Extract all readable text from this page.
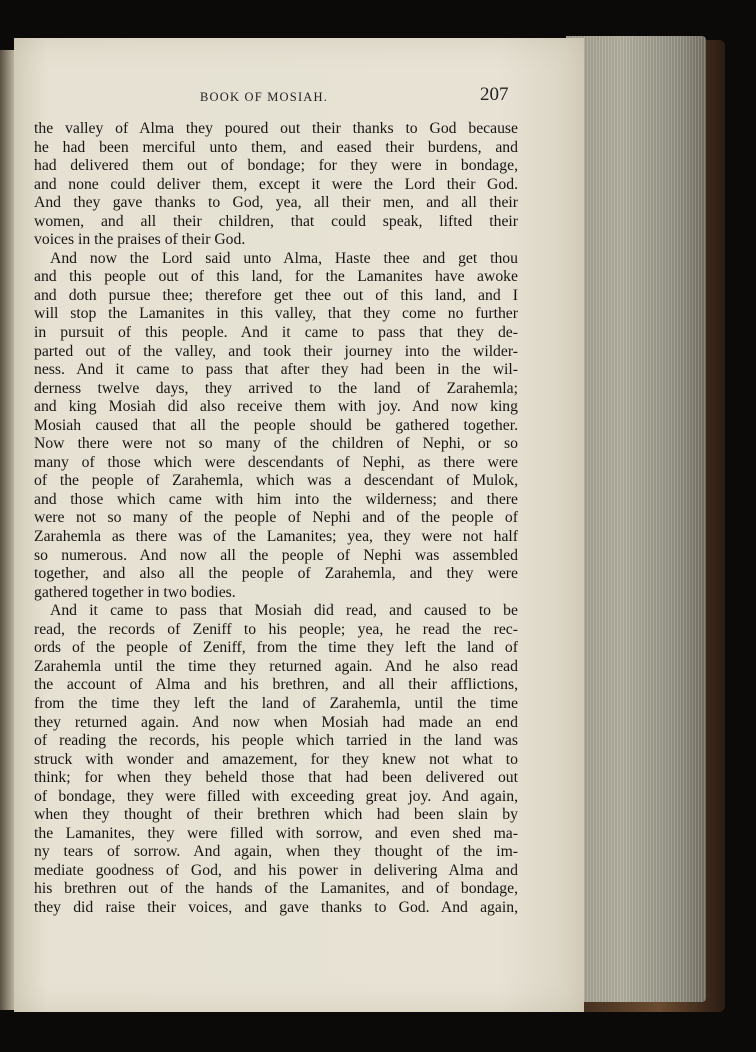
BOOK OF MOSIAH.	207
the valley of Alma they poured out their thanks to God because
he had been merciful unto them, and eased their burdens, and
had delivered them out of bondage; for they were in bondage,
and none could deliver them, except it were the Lord their God.
And they gave thanks to God, yea, all their men, and all their
women, and all their children, that could speak, lifted their
voices in the praises of their God.
And now the Lord said unto Alma, Haste thee and get thou
and this people out of this land, for the Lamanites have awoke
and doth pursue thee; therefore get thee out of this land, and I
will stop the Lamanites in this valley, that they come no further
in pursuit of this people. And it came to pass that they de-
parted out of the valley, and took their journey into the wilder-
ness. And it came to pass that after they had been in the wil-
derness twelve days, they arrived to the land of Zarahemla;
and king Mosiah did also receive them with joy. And now king
Mosiah caused that all the people should be gathered together.
Now there were not so many of the children of Nephi, or so
many of those which were descendants of Nephi, as there were
of the people of Zarahemla, which was a descendant of Mulok,
and those which came with him into the wilderness; and there
were not so many of the people of Nephi and of the people of
Zarahemla as there was of the Lamanites; yea, they were not half
so numerous. And now all the people of Nephi was assembled
together, and also all the people of Zarahemla, and they were
gathered together in two bodies.
And it came to pass that Mosiah did read, and caused to be
read, the records of Zeniff to his people; yea, he read the rec-
ords of the people of Zeniff, from the time they left the land of
Zarahemla until the time they returned again. And he also read
the account of Alma and his brethren, and all their afflictions,
from the time they left the land of Zarahemla, until the time
they returned again. And now when Mosiah had made an end
of reading the records, his people which tarried in the land was
struck with wonder and amazement, for they knew not what to
think; for when they beheld those that had been delivered out
of bondage, they were filled with exceeding great joy. And again,
when they thought of their brethren which had been slain by
the Lamanites, they were filled with sorrow, and even shed ma-
ny tears of sorrow. And again, when they thought of the im-
mediate goodness of God, and his power in delivering Alma and
his brethren out of the hands of the Lamanites, and of bondage,
they did raise their voices, and gave thanks to God. And again,
